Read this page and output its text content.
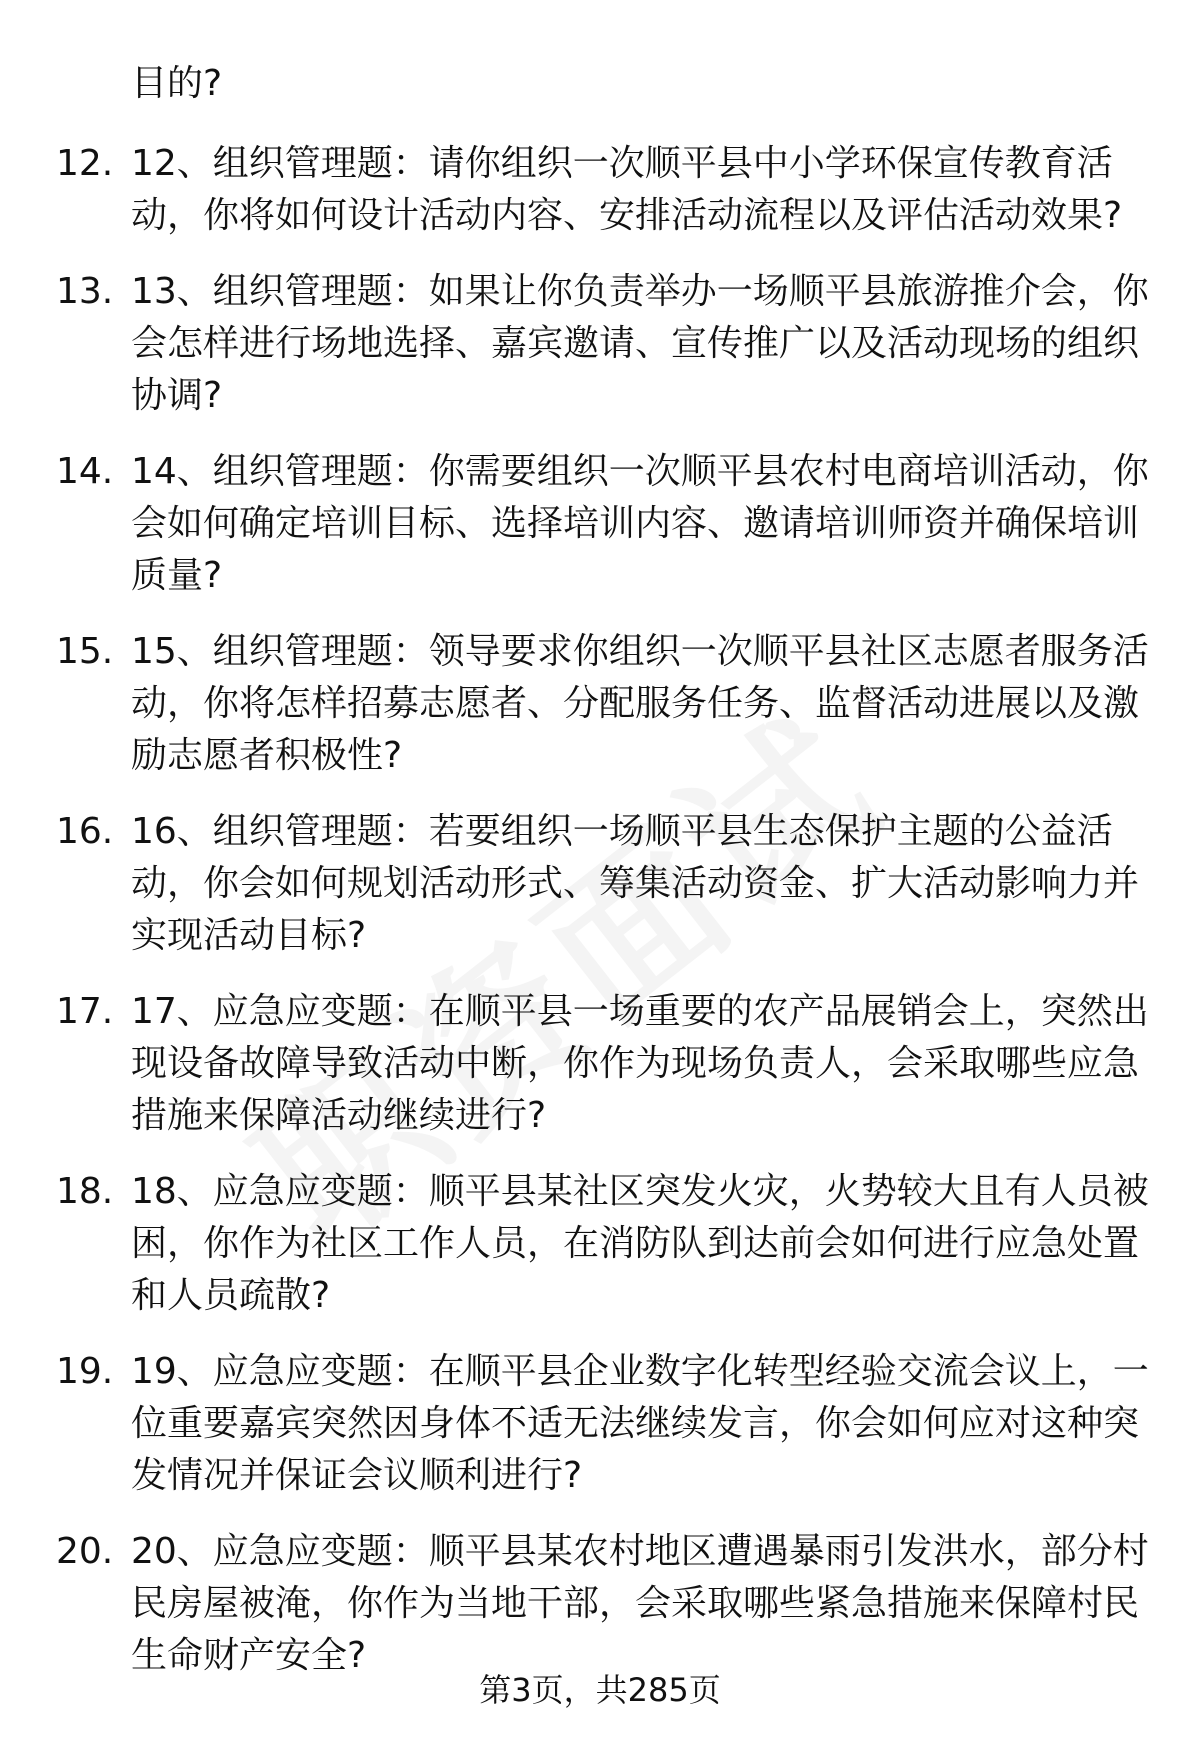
目的?
12. 12、组织管理题：请你组织一次顺平县中小学环保宣传教育活动，你将如何设计活动内容、安排活动流程以及评估活动效果?
13. 13、组织管理题：如果让你负责举办一场顺平县旅游推介会，你会怎样进行场地选择、嘉宾邀请、宣传推广以及活动现场的组织协调?
14. 14、组织管理题：你需要组织一次顺平县农村电商培训活动，你会如何确定培训目标、选择培训内容、邀请培训师资并确保培训质量?
15. 15、组织管理题：领导要求你组织一次顺平县社区志愿者服务活动，你将怎样招募志愿者、分配服务任务、监督活动进展以及激励志愿者积极性?
16. 16、组织管理题：若要组织一场顺平县生态保护主题的公益活动，你会如何规划活动形式、筹集活动资金、扩大活动影响力并实现活动目标?
17. 17、应急应变题：在顺平县一场重要的农产品展销会上，突然出现设备故障导致活动中断，你作为现场负责人，会采取哪些应急措施来保障活动继续进行?
18. 18、应急应变题：顺平县某社区突发火灾，火势较大且有人员被困，你作为社区工作人员，在消防队到达前会如何进行应急处置和人员疏散?
19. 19、应急应变题：在顺平县企业数字化转型经验交流会议上，一位重要嘉宾突然因身体不适无法继续发言，你会如何应对这种突发情况并保证会议顺利进行?
20. 20、应急应变题：顺平县某农村地区遭遇暴雨引发洪水，部分村民房屋被淹，你作为当地干部，会采取哪些紧急措施来保障村民生命财产安全?
第3页，共285页
